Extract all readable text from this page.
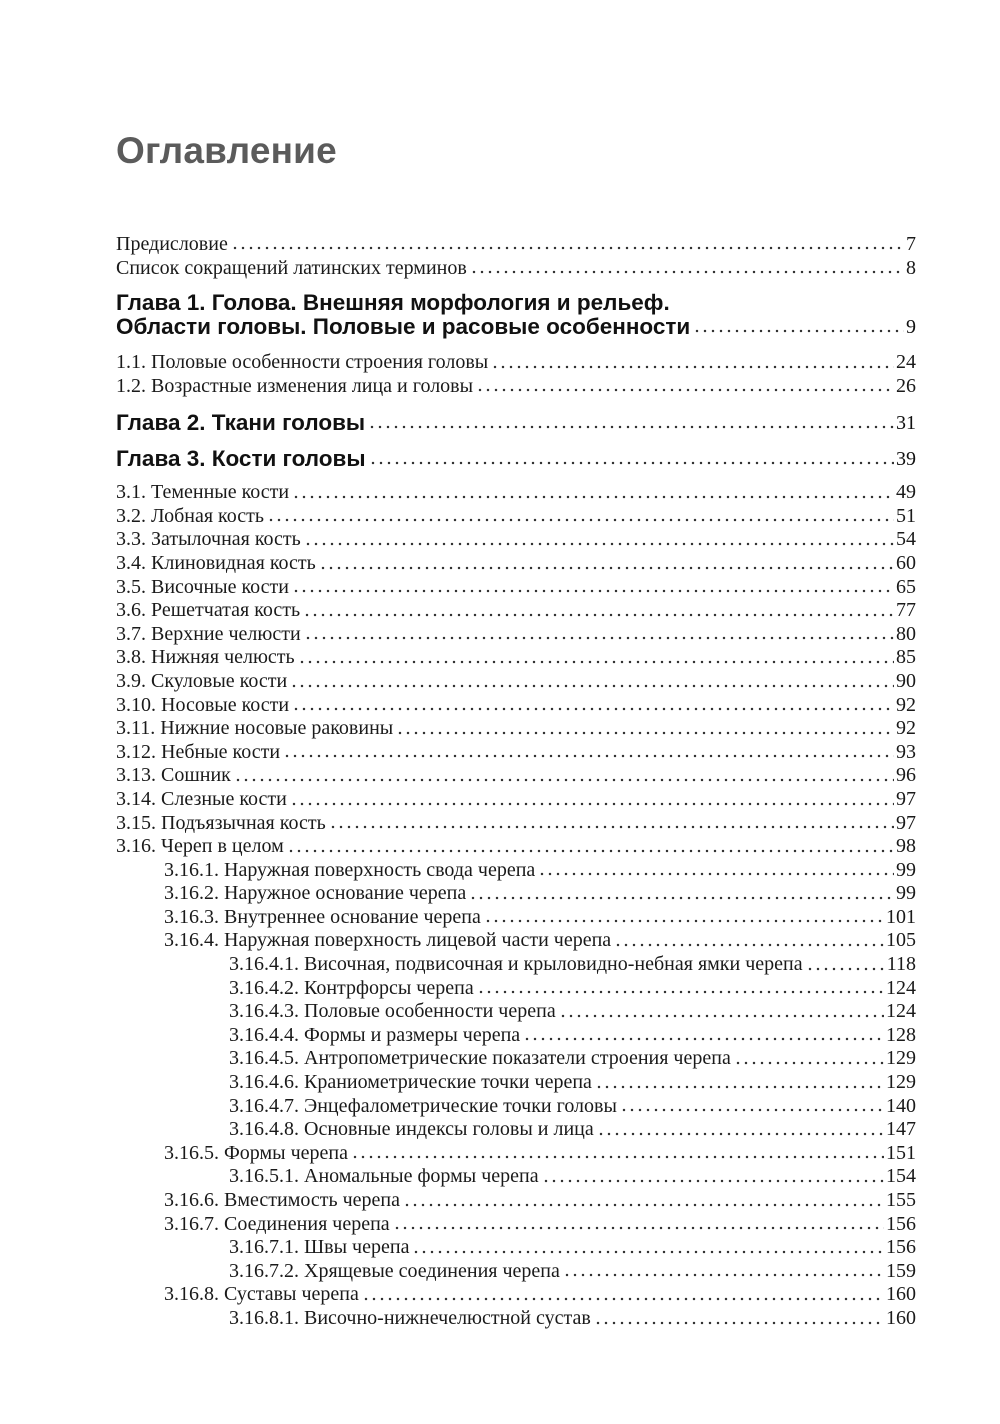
Оглавление
Предисловие	7
Список сокращений латинских терминов	8
Глава 1. Голова. Внешняя морфология и рельеф.
Области головы. Половые и расовые особенности	9
1.1. Половые особенности строения головы	24
1.2. Возрастные изменения лица и головы	26
Глава 2. Ткани головы	31
Глава 3. Кости головы	39
3.1. Теменные кости	49
3.2. Лобная кость	51
3.3. Затылочная кость	54
3.4. Клиновидная кость	60
3.5. Височные кости	65
3.6. Решетчатая кость	77
3.7. Верхние челюсти	80
3.8. Нижняя челюсть	85
3.9. Скуловые кости	90
3.10. Носовые кости	92
3.11. Нижние носовые раковины	92
3.12. Небные кости	93
3.13. Сошник	96
3.14. Слезные кости	97
3.15. Подъязычная кость	97
3.16. Череп в целом	98
3.16.1. Наружная поверхность свода черепа	99
3.16.2. Наружное основание черепа	99
3.16.3. Внутреннее основание черепа	101
3.16.4. Наружная поверхность лицевой части черепа	105
3.16.4.1. Височная, подвисочная и крыловидно-небная ямки черепа	118
3.16.4.2. Контрфорсы черепа	124
3.16.4.3. Половые особенности черепа	124
3.16.4.4. Формы и размеры черепа	128
3.16.4.5. Антропометрические показатели строения черепа	129
3.16.4.6. Краниометрические точки черепа	129
3.16.4.7. Энцефалометрические точки головы	140
3.16.4.8. Основные индексы головы и лица	147
3.16.5. Формы черепа	151
3.16.5.1. Аномальные формы черепа	154
3.16.6. Вместимость черепа	155
3.16.7. Соединения черепа	156
3.16.7.1. Швы черепа	156
3.16.7.2. Хрящевые соединения черепа	159
3.16.8. Суставы черепа	160
3.16.8.1. Височно-нижнечелюстной сустав	160
